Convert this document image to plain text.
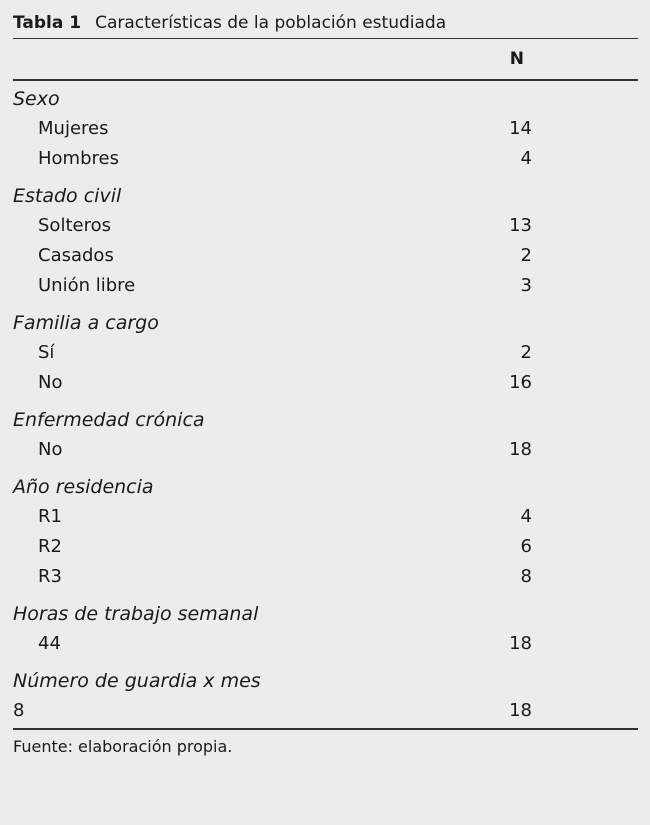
Tabla 1 Características de la población estudiada
N
Sexo
Mujeres	14
Hombres	4
Estado civil
Solteros	13
Casados	2
Unión libre	3
Familia a cargo
Sí	2
No	16
Enfermedad crónica
No	18
Año residencia
R1	4
R2	6
R3	8
Horas de trabajo semanal
44	18
Número de guardia x mes
8	18
Fuente: elaboración propia.
